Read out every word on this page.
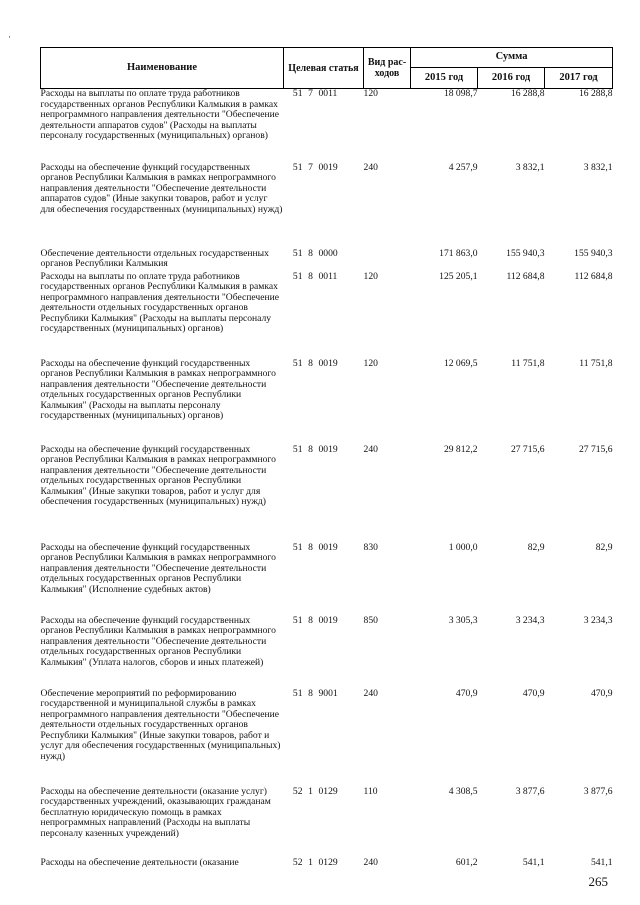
·
Наименование	Целевая статья			Вид рас-ходов	Сумма		
					2015 год	2016 год	2017 год
Расходы на выплаты по оплате труда работников государственных органов Республики Калмыкия в рамках непрограммного направления деятельности "Обеспечение деятельности аппаратов судов" (Расходы на выплаты персоналу государственных (муниципальных) органов)	51	7	0011	120	18 098,7	16 288,8	16 288,8
Расходы на обеспечение функций государственных органов Республики Калмыкия в рамках непрограммного направления деятельности "Обеспечение деятельности аппаратов судов" (Иные закупки товаров, работ и услуг для обеспечения государственных (муниципальных) нужд)	51	7	0019	240	4 257,9	3 832,1	3 832,1
Обеспечение деятельности отдельных государственных органов Республики Калмыкия	51	8	0000		171 863,0	155 940,3	155 940,3
Расходы на выплаты по оплате труда работников государственных органов Республики Калмыкия в рамках непрограммного направления деятельности "Обеспечение деятельности отдельных государственных органов Республики Калмыкия" (Расходы на выплаты персоналу государственных (муниципальных) органов)	51	8	0011	120	125 205,1	112 684,8	112 684,8
Расходы на обеспечение функций государственных органов Республики Калмыкия в рамках непрограммного направления деятельности "Обеспечение деятельности отдельных государственных органов Республики Калмыкия" (Расходы на выплаты персоналу государственных (муниципальных) органов)	51	8	0019	120	12 069,5	11 751,8	11 751,8
Расходы на обеспечение функций государственных органов Республики Калмыкия в рамках непрограммного направления деятельности "Обеспечение деятельности отдельных государственных органов Республики Калмыкия" (Иные закупки товаров, работ и услуг для обеспечения государственных (муниципальных) нужд)	51	8	0019	240	29 812,2	27 715,6	27 715,6
Расходы на обеспечение функций государственных органов Республики Калмыкия в рамках непрограммного направления деятельности "Обеспечение деятельности отдельных государственных органов Республики Калмыкия" (Исполнение судебных актов)	51	8	0019	830	1 000,0	82,9	82,9
Расходы на обеспечение функций государственных органов Республики Калмыкия в рамках непрограммного направления деятельности "Обеспечение деятельности отдельных государственных органов Республики Калмыкия" (Уплата налогов, сборов и иных платежей)	51	8	0019	850	3 305,3	3 234,3	3 234,3
Обеспечение мероприятий по реформированию государственной и муниципальной службы в рамках непрограммного направления деятельности "Обеспечение деятельности отдельных государственных органов Республики Калмыкия" (Иные закупки товаров, работ и услуг для обеспечения государственных (муниципальных) нужд)	51	8	9001	240	470,9	470,9	470,9
Расходы на обеспечение деятельности (оказание услуг) государственных учреждений, оказывающих гражданам бесплатную юридическую помощь в рамках непрограммных направлений (Расходы на выплаты персоналу казенных учреждений)	52	1	0129	110	4 308,5	3 877,6	3 877,6
Расходы на обеспечение деятельности (оказание	52	1	0129	240	601,2	541,1	541,1
265
